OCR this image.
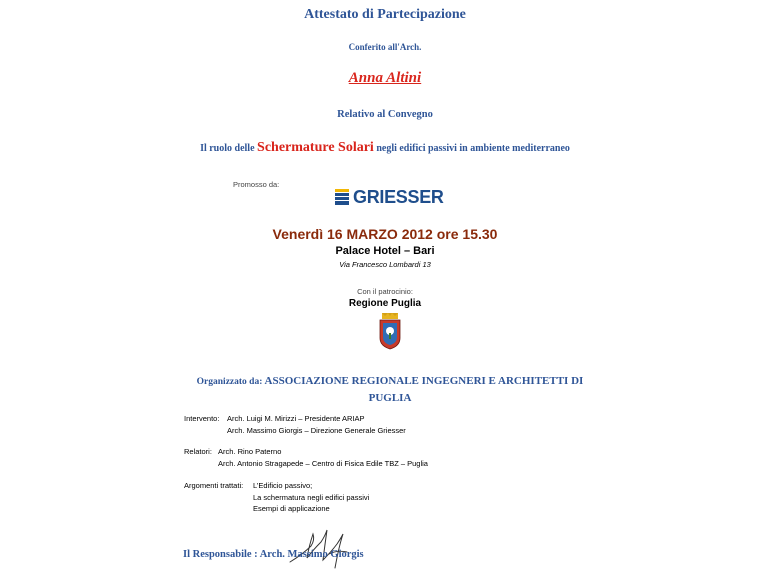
Attestato di Partecipazione
Conferito all'Arch.
Anna Altini
Relativo al Convegno
Il ruolo delle Schermature Solari negli edifici passivi in ambiente mediterraneo
Promosso da:
GRIESSER
Venerdì 16 MARZO 2012 ore 15.30
Palace Hotel – Bari
Via Francesco Lombardi 13
Con il patrocinio:
Regione Puglia
Organizzato da: ASSOCIAZIONE REGIONALE INGEGNERI E ARCHITETTI DI PUGLIA
Intervento: Arch. Luigi M. Mirizzi – Presidente ARIAP
Arch. Massimo Giorgis – Direzione Generale Griesser
Relatori: Arch. Rino Paterno
Arch. Antonio Stragapede – Centro di Fisica Edile TBZ – Puglia
Argomenti trattati: L’Edificio passivo;
La schermatura negli edifici passivi
Esempi di applicazione
Il Responsabile : Arch. Massimo Giorgis
